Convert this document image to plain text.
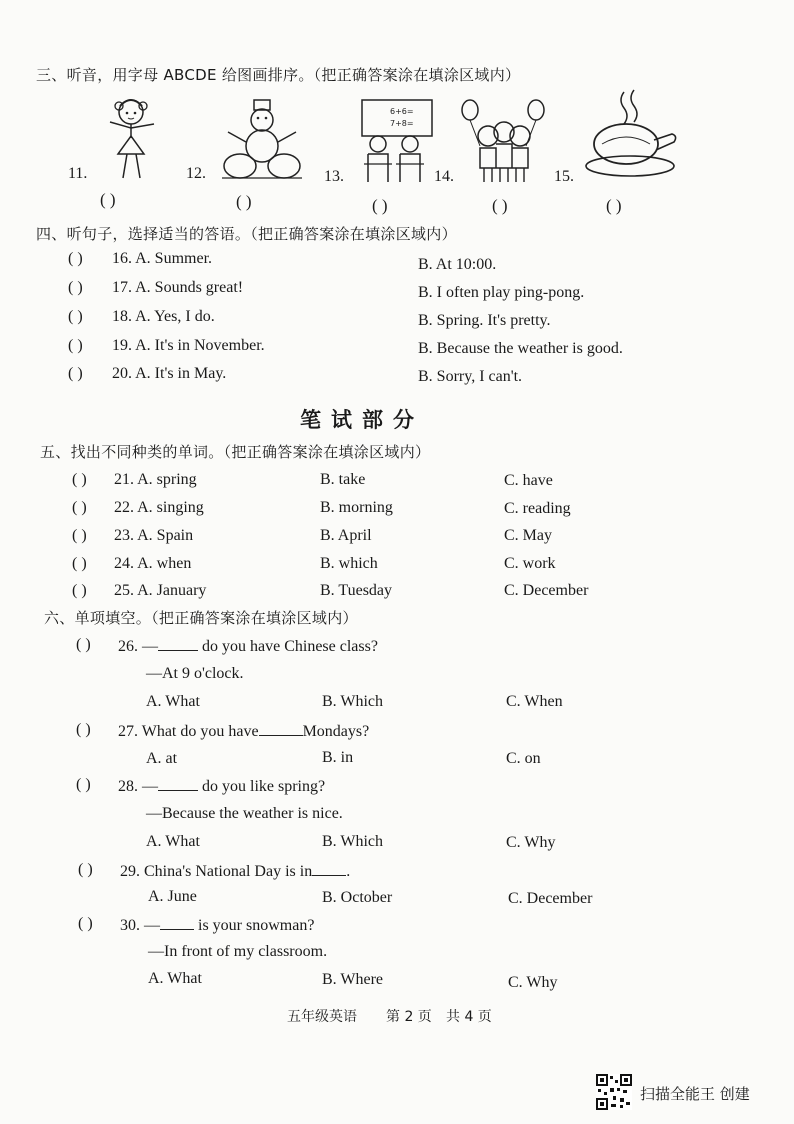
三、听音，用字母 ABCDE 给图画排序。（把正确答案涂在填涂区域内）
11.
( )
12.
( )
6+6=
7+8=
13.
( )
14.
( )
15.
( )
四、听句子，选择适当的答语。（把正确答案涂在填涂区域内）
( ) 16. A. Summer.	B. At 10:00.
( ) 17. A. Sounds great!	B. I often play ping-pong.
( ) 18. A. Yes, I do.	B. Spring. It's pretty.
( ) 19. A. It's in November.	B. Because the weather is good.
( ) 20. A. It's in May.	B. Sorry, I can't.
笔试部分
五、找出不同种类的单词。（把正确答案涂在填涂区域内）
( ) 21. A. spring	B. take	C. have
( ) 22. A. singing	B. morning	C. reading
( ) 23. A. Spain	B. April	C. May
( ) 24. A. when	B. which	C. work
( ) 25. A. January	B. Tuesday	C. December
六、单项填空。（把正确答案涂在填涂区域内）
( ) 26. —	do you have Chinese class?
—At 9 o'clock.
A. What	B. Which	C. When
( ) 27. What do you have	Mondays?
A. at	B. in	C. on
( ) 28. —	do you like spring?
—Because the weather is nice.
A. What	B. Which	C. Why
( ) 29. China's National Day is in .
A. June	B. October	C. December
( ) 30. — is your snowman?
—In front of my classroom.
A. What	B. Where	C. Why
五年级英语 第 2 页 共 4 页
扫描全能王 创建
